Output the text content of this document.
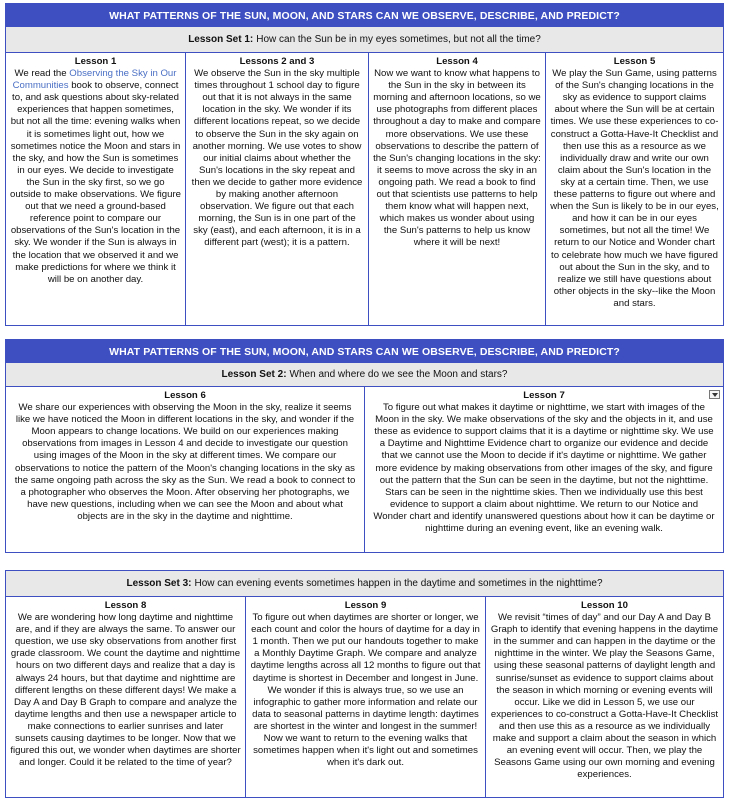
WHAT PATTERNS OF THE SUN, MOON, AND STARS CAN WE OBSERVE, DESCRIBE, AND PREDICT?
Lesson Set 1: How can the Sun be in my eyes sometimes, but not all the time?
Lesson 1
We read the Observing the Sky in Our Communities book to observe, connect to, and ask questions about sky-related experiences that happen sometimes, but not all the time: evening walks when it is sometimes light out, how we sometimes notice the Moon and stars in the sky, and how the Sun is sometimes in our eyes. We decide to investigate the Sun in the sky first, so we go outside to make observations. We figure out that we need a ground-based reference point to compare our observations of the Sun's location in the sky. We wonder if the Sun is always in the location that we observed it and we make predictions for where we think it will be on another day.
Lessons 2 and 3
We observe the Sun in the sky multiple times throughout 1 school day to figure out that it is not always in the same location in the sky. We wonder if its different locations repeat, so we decide to observe the Sun in the sky again on another morning. We use votes to show our initial claims about whether the Sun's locations in the sky repeat and then we decide to gather more evidence by making another afternoon observation. We figure out that each morning, the Sun is in one part of the sky (east), and each afternoon, it is in a different part (west); it is a pattern.
Lesson 4
Now we want to know what happens to the Sun in the sky in between its morning and afternoon locations, so we use photographs from different places throughout a day to make and compare more observations. We use these observations to describe the pattern of the Sun's changing locations in the sky: it seems to move across the sky in an ongoing path. We read a book to find out that scientists use patterns to help them know what will happen next, which makes us wonder about using the Sun's patterns to help us know where it will be next!
Lesson 5
We play the Sun Game, using patterns of the Sun's changing locations in the sky as evidence to support claims about where the Sun will be at certain times. We use these experiences to co-construct a Gotta-Have-It Checklist and then use this as a resource as we individually draw and write our own claim about the Sun's location in the sky at a certain time. Then, we use these patterns to figure out where and when the Sun is likely to be in our eyes, and how it can be in our eyes sometimes, but not all the time! We return to our Notice and Wonder chart to celebrate how much we have figured out about the Sun in the sky, and to realize we still have questions about other objects in the sky--like the Moon and stars.
WHAT PATTERNS OF THE SUN, MOON, AND STARS CAN WE OBSERVE, DESCRIBE, AND PREDICT?
Lesson Set 2: When and where do we see the Moon and stars?
Lesson 6
We share our experiences with observing the Moon in the sky, realize it seems like we have noticed the Moon in different locations in the sky, and wonder if the Moon appears to change locations. We build on our experiences making observations from images in Lesson 4 and decide to investigate our question using images of the Moon in the sky at different times. We compare our observations to notice the pattern of the Moon's changing locations in the sky as the same ongoing path across the sky as the Sun. We read a book to connect to a photographer who observes the Moon. After observing her photographs, we have new questions, including when we can see the Moon and about what objects are in the sky in the daytime and nighttime.
Lesson 7
To figure out what makes it daytime or nighttime, we start with images of the Moon in the sky. We make observations of the sky and the objects in it, and use these as evidence to support claims that it is a daytime or nighttime sky. We use a Daytime and Nighttime Evidence chart to organize our evidence and decide that we cannot use the Moon to decide if it's daytime or nighttime. We gather more evidence by making observations from other images of the sky, and figure out the pattern that the Sun can be seen in the daytime, but not the nighttime. Stars can be seen in the nighttime skies. Then we individually use this best evidence to support a claim about nighttime. We return to our Notice and Wonder chart and identify unanswered questions about how it can be daytime or nighttime during an evening event, like an evening walk.
Lesson Set 3: How can evening events sometimes happen in the daytime and sometimes in the nighttime?
Lesson 8
We are wondering how long daytime and nighttime are, and if they are always the same. To answer our question, we use sky observations from another first grade classroom. We count the daytime and nighttime hours on two different days and realize that a day is always 24 hours, but that daytime and nighttime are different lengths on these different days! We make a Day A and Day B Graph to compare and analyze the daytime lengths and then use a newspaper article to make connections to earlier sunrises and later sunsets causing daytimes to be longer. Now that we figured this out, we wonder when daytimes are shorter and longer. Could it be related to the time of year?
Lesson 9
To figure out when daytimes are shorter or longer, we each count and color the hours of daytime for a day in 1 month. Then we put our handouts together to make a Monthly Daytime Graph. We compare and analyze daytime lengths across all 12 months to figure out that daytime is shortest in December and longest in June. We wonder if this is always true, so we use an infographic to gather more information and relate our data to seasonal patterns in daytime length: daytimes are shortest in the winter and longest in the summer! Now we want to return to the evening walks that sometimes happen when it's light out and sometimes when it's dark out.
Lesson 10
We revisit “times of day” and our Day A and Day B Graph to identify that evening happens in the daytime in the summer and can happen in the daytime or the nighttime in the winter. We play the Seasons Game, using these seasonal patterns of daylight length and sunrise/sunset as evidence to support claims about the season in which morning or evening events will occur. Like we did in Lesson 5, we use our experiences to co-construct a Gotta-Have-It Checklist and then use this as a resource as we individually make and support a claim about the season in which an evening event will occur. Then, we play the Seasons Game using our own morning and evening experiences.
